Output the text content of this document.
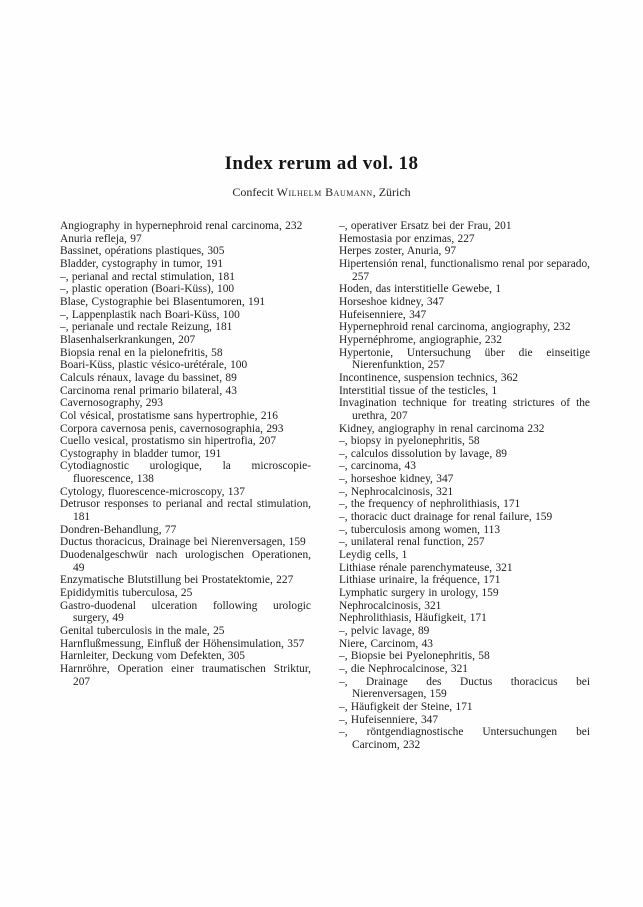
Index rerum ad vol. 18

Confecit Wilhelm Baumann, Zürich

Angiography in hypernephroid renal carcinoma, 232

Anuria refleja, 97

Bassinet, opérations plastiques, 305

Bladder, cystography in tumor, 191

–, perianal and rectal stimulation, 181

–, plastic operation (Boari-Küss), 100

Blase, Cystographie bei Blasentumoren, 191

–, Lappenplastik nach Boari-Küss, 100

–, perianale und rectale Reizung, 181

Blasenhalserkrankungen, 207

Biopsia renal en la pielonefritis, 58

Boari-Küss, plastic vésico-urétérale, 100

Calculs rénaux, lavage du bassinet, 89

Carcinoma renal primario bilateral, 43

Cavernosography, 293

Col vésical, prostatisme sans hypertrophie, 216

Corpora cavernosa penis, cavernosographia, 293

Cuello vesical, prostatismo sin hipertrofia, 207

Cystography in bladder tumor, 191

Cytodiagnostic urologique, la microscopie-fluorescence, 138

Cytology, fluorescence-microscopy, 137

Detrusor responses to perianal and rectal stimulation, 181

Dondren-Behandlung, 77

Ductus thoracicus, Drainage bei Nierenversagen, 159

Duodenalgeschwür nach urologischen Operationen, 49

Enzymatische Blutstillung bei Prostatektomie, 227

Epididymitis tuberculosa, 25

Gastro-duodenal ulceration following urologic surgery, 49

Genital tuberculosis in the male, 25

Harnflußmessung, Einfluß der Höhensimulation, 357

Harnleiter, Deckung vom Defekten, 305

Harnröhre, Operation einer traumatischen Striktur, 207

–, operativer Ersatz bei der Frau, 201

Hemostasia por enzimas, 227

Herpes zoster, Anuria, 97

Hipertensión renal, functionalismo renal por separado, 257

Hoden, das interstitielle Gewebe, 1

Horseshoe kidney, 347

Hufeisenniere, 347

Hypernephroid renal carcinoma, angiography, 232

Hypernéphrome, angiographie, 232

Hypertonie, Untersuchung über die einseitige Nierenfunktion, 257

Incontinence, suspension technics, 362

Interstitial tissue of the testicles, 1

Invagination technique for treating strictures of the urethra, 207

Kidney, angiography in renal carcinoma 232

–, biopsy in pyelonephritis, 58

–, calculos dissolution by lavage, 89

–, carcinoma, 43

–, horseshoe kidney, 347

–, Nephrocalcinosis, 321

–, the frequency of nephrolithiasis, 171

–, thoracic duct drainage for renal failure, 159

–, tuberculosis among women, 113

–, unilateral renal function, 257

Leydig cells, 1

Lithiase rénale parenchymateuse, 321

Lithiase urinaire, la fréquence, 171

Lymphatic surgery in urology, 159

Nephrocalcinosis, 321

Nephrolithiasis, Häufigkeit, 171

–, pelvic lavage, 89

Niere, Carcinom, 43

–, Biopsie bei Pyelonephritis, 58

–, die Nephrocalcinose, 321

–, Drainage des Ductus thoracicus bei Nierenversagen, 159

–, Häufigkeit der Steine, 171

–, Hufeisenniere, 347

–, röntgendiagnostische Untersuchungen bei Carcinom, 232
